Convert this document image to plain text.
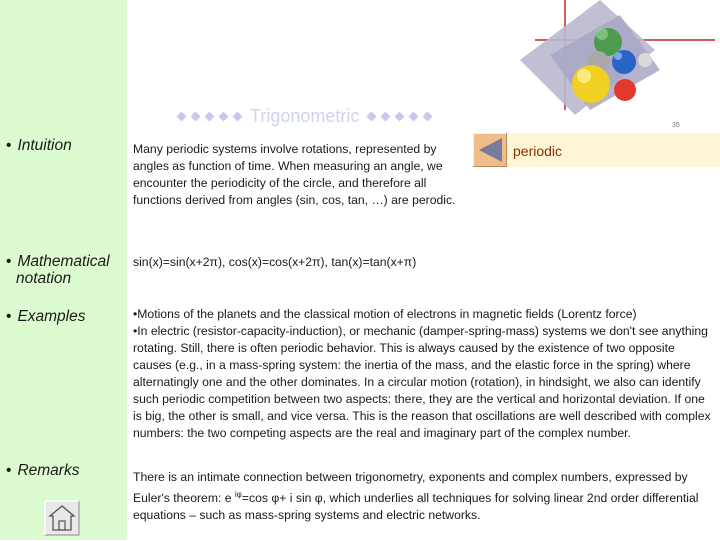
Trigonometric	35
periodic
• Intuition	Many periodic systems involve rotations, represented by angles as function of time. When measuring an angle, we encounter the periodicity of the circle, and therefore all functions derived from angles (sin, cos, tan, …) are perodic.
• Mathematical
notation
sin(x)=sin(x+2π), cos(x)=cos(x+2π), tan(x)=tan(x+π)
• Examples	•Motions of the planets and the classical motion of electrons in magnetic fields (Lorentz force)

•In electric (resistor-capacity-induction), or mechanic (damper-spring-mass) systems we don't see anything rotating. Still, there is often periodic behavior. This is always caused by the existence of two opposite causes (e.g., in a mass-spring system: the inertia of the mass, and the elastic force in the spring) where alternatingly one and the other dominates. In a circular motion (rotation), in hindsight, we also can identify such periodic competition between two aspects: there, they are the vertical and horizontal deviation. If one is big, the other is small, and vice versa. This is the reason that oscillations are well described with complex numbers: the two competing aspects are the real and imaginary part of the complex number.

• Remarks	There is an intimate connection between trigonometry, exponents and complex numbers, expressed by Euler's theorem: e $^{i\varphi}$=cos φ+ i sin φ, which underlies all techniques for solving linear 2nd order differential equations – such as mass-spring systems and electric networks.
